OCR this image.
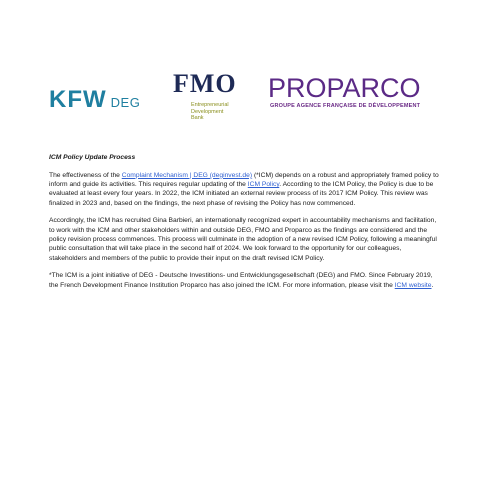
KFW DEG
FMO
Entrepreneurial
Development
Bank
PROPARCO
GROUPE AGENCE FRANÇAISE DE DÉVELOPPEMENT

ICM Policy Update Process

The effectiveness of the Complaint Mechanism | DEG (deginvest.de) (*ICM) depends on a robust and appropriately framed policy to inform and guide its activities. This requires regular updating of the ICM Policy. According to the ICM Policy, the Policy is due to be evaluated at least every four years. In 2022, the ICM initiated an external review process of its 2017 ICM Policy. This review was finalized in 2023 and, based on the findings, the next phase of revising the Policy has now commenced.

Accordingly, the ICM has recruited Gina Barbieri, an internationally recognized expert in accountability mechanisms and facilitation, to work with the ICM and other stakeholders within and outside DEG, FMO and Proparco as the findings are considered and the policy revision process commences. This process will culminate in the adoption of a new revised ICM Policy, following a meaningful public consultation that will take place in the second half of 2024. We look forward to the opportunity for our colleagues, stakeholders and members of the public to provide their input on the draft revised ICM Policy.

*The ICM is a joint initiative of DEG - Deutsche Investitions- und Entwicklungsgesellschaft (DEG) and FMO. Since February 2019, the French Development Finance Institution Proparco has also joined the ICM. For more information, please visit the ICM website.
